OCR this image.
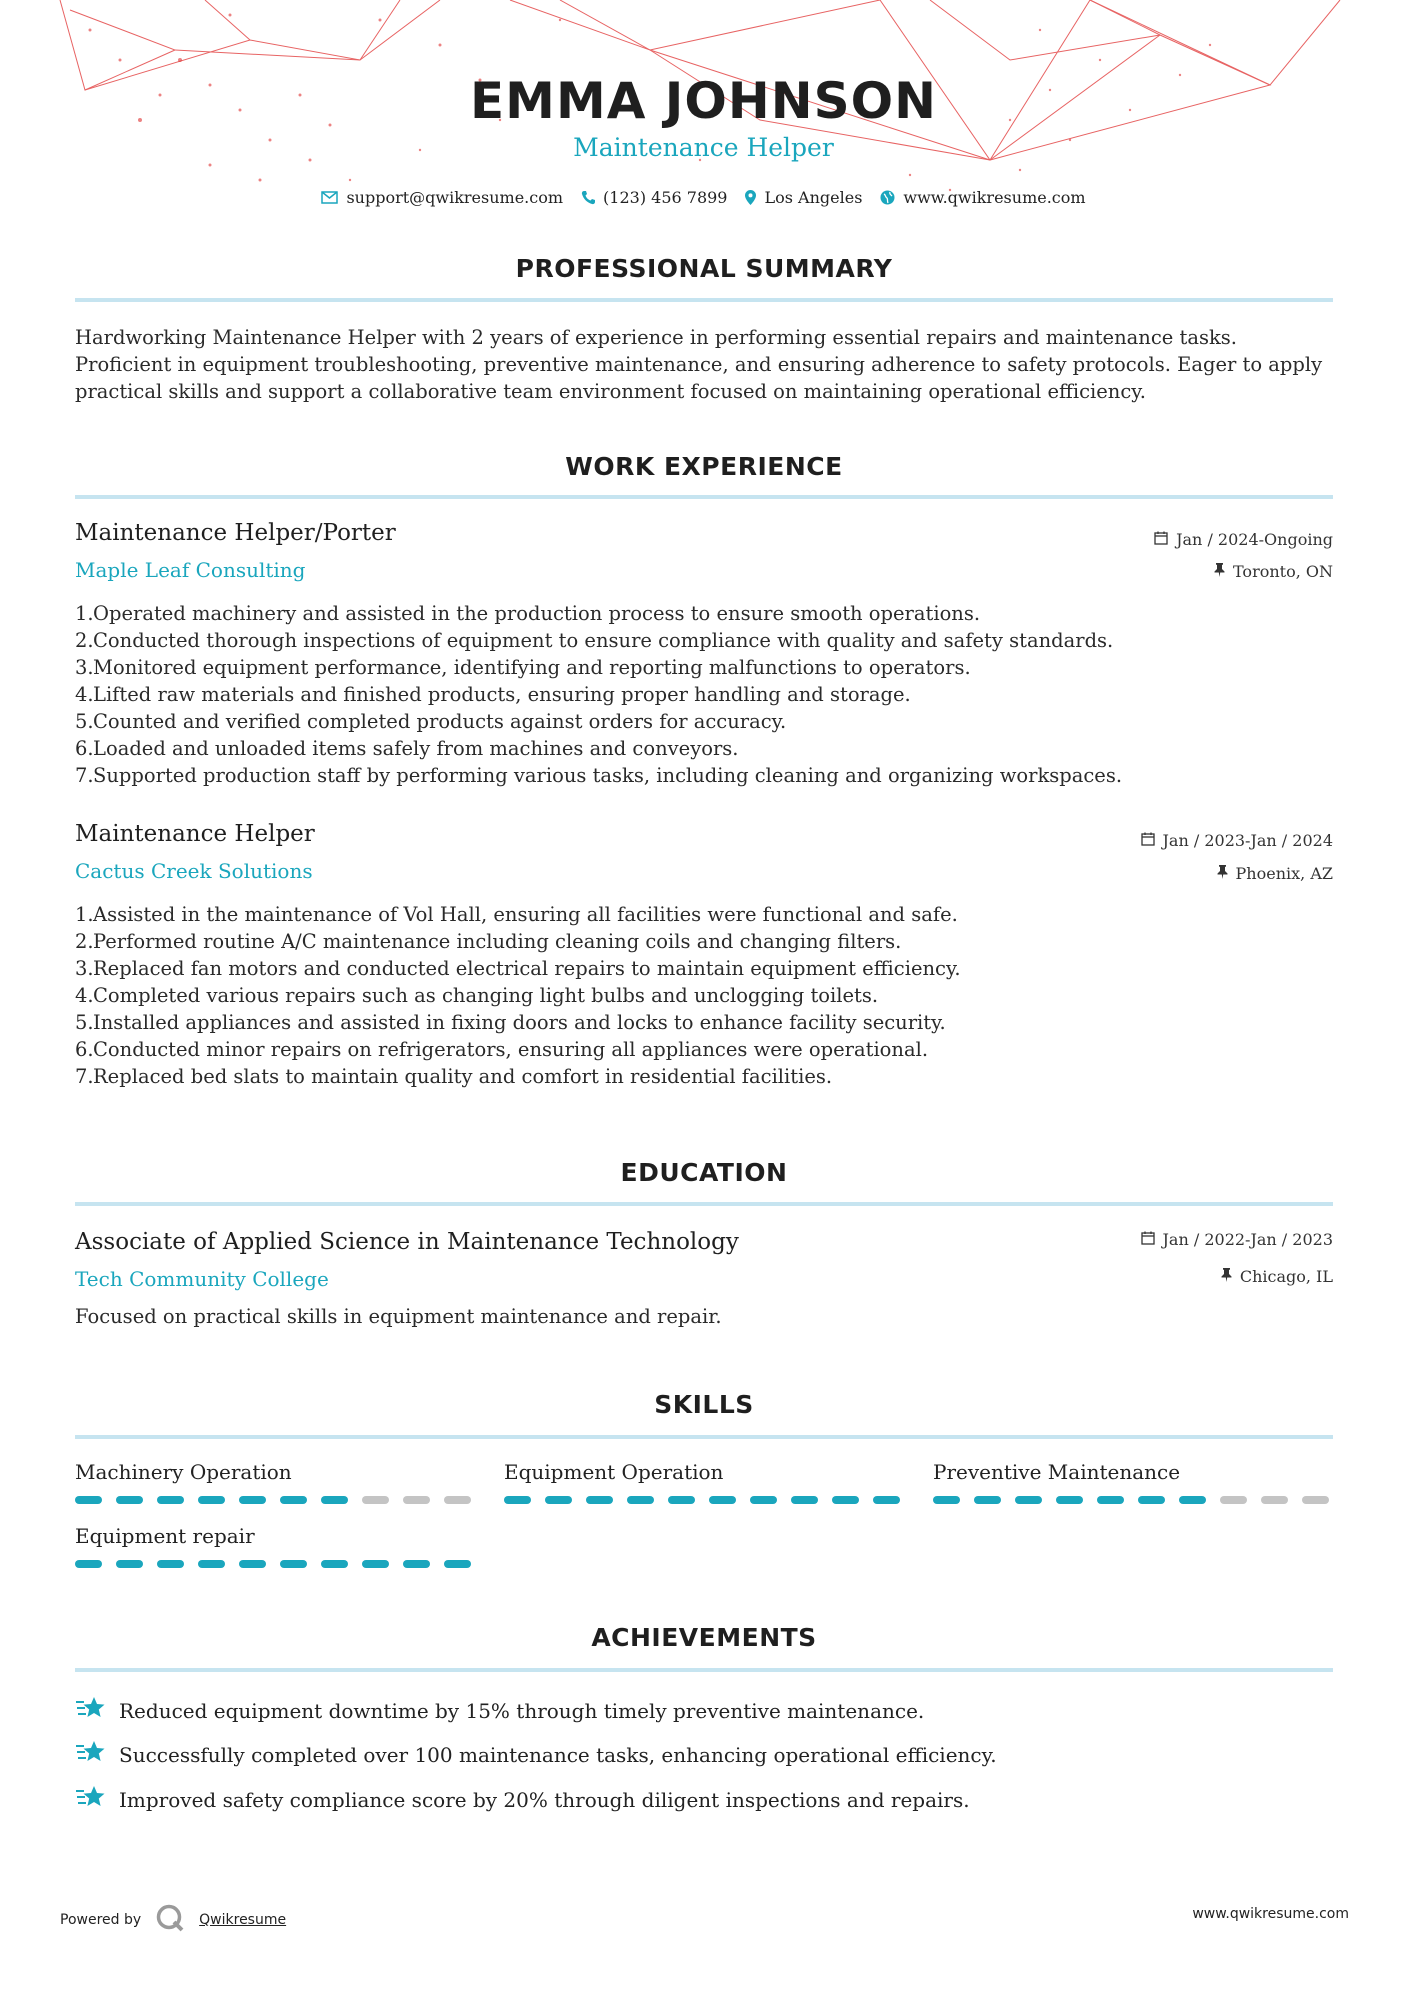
EMMA JOHNSON
Maintenance Helper
support@qwikresume.com	(123) 456 7899 Los Angeles	www.qwikresume.com
PROFESSIONAL SUMMARY
Hardworking Maintenance Helper with 2 years of experience in performing essential repairs and maintenance tasks. Proficient in equipment troubleshooting, preventive maintenance, and ensuring adherence to safety protocols. Eager to apply practical skills and support a collaborative team environment focused on maintaining operational efficiency.
WORK EXPERIENCE
Maintenance Helper/Porter
Maple Leaf Consulting
Jan / 2024-Ongoing
Toronto, ON
1. Operated machinery and assisted in the production process to ensure smooth operations.
2. Conducted thorough inspections of equipment to ensure compliance with quality and safety standards.
3. Monitored equipment performance, identifying and reporting malfunctions to operators.
4. Lifted raw materials and finished products, ensuring proper handling and storage.
5. Counted and verified completed products against orders for accuracy.
6. Loaded and unloaded items safely from machines and conveyors.
7. Supported production staff by performing various tasks, including cleaning and organizing workspaces.
Maintenance Helper
Cactus Creek Solutions
Jan / 2023-Jan / 2024
Phoenix, AZ
1. Assisted in the maintenance of Vol Hall, ensuring all facilities were functional and safe.
2. Performed routine A/C maintenance including cleaning coils and changing filters.
3. Replaced fan motors and conducted electrical repairs to maintain equipment efficiency.
4. Completed various repairs such as changing light bulbs and unclogging toilets.
5. Installed appliances and assisted in fixing doors and locks to enhance facility security.
6. Conducted minor repairs on refrigerators, ensuring all appliances were operational.
7. Replaced bed slats to maintain quality and comfort in residential facilities.
EDUCATION
Associate of Applied Science in Maintenance Technology
Tech Community College
Jan / 2022-Jan / 2023
Chicago, IL
Focused on practical skills in equipment maintenance and repair.
SKILLS
Machinery Operation	Equipment Operation	Preventive Maintenance
Equipment repair
ACHIEVEMENTS
Reduced equipment downtime by 15% through timely preventive maintenance.
Successfully completed over 100 maintenance tasks, enhancing operational efficiency.
Improved safety compliance score by 20% through diligent inspections and repairs.
Powered by	Qwikresume	www.qwikresume.com
